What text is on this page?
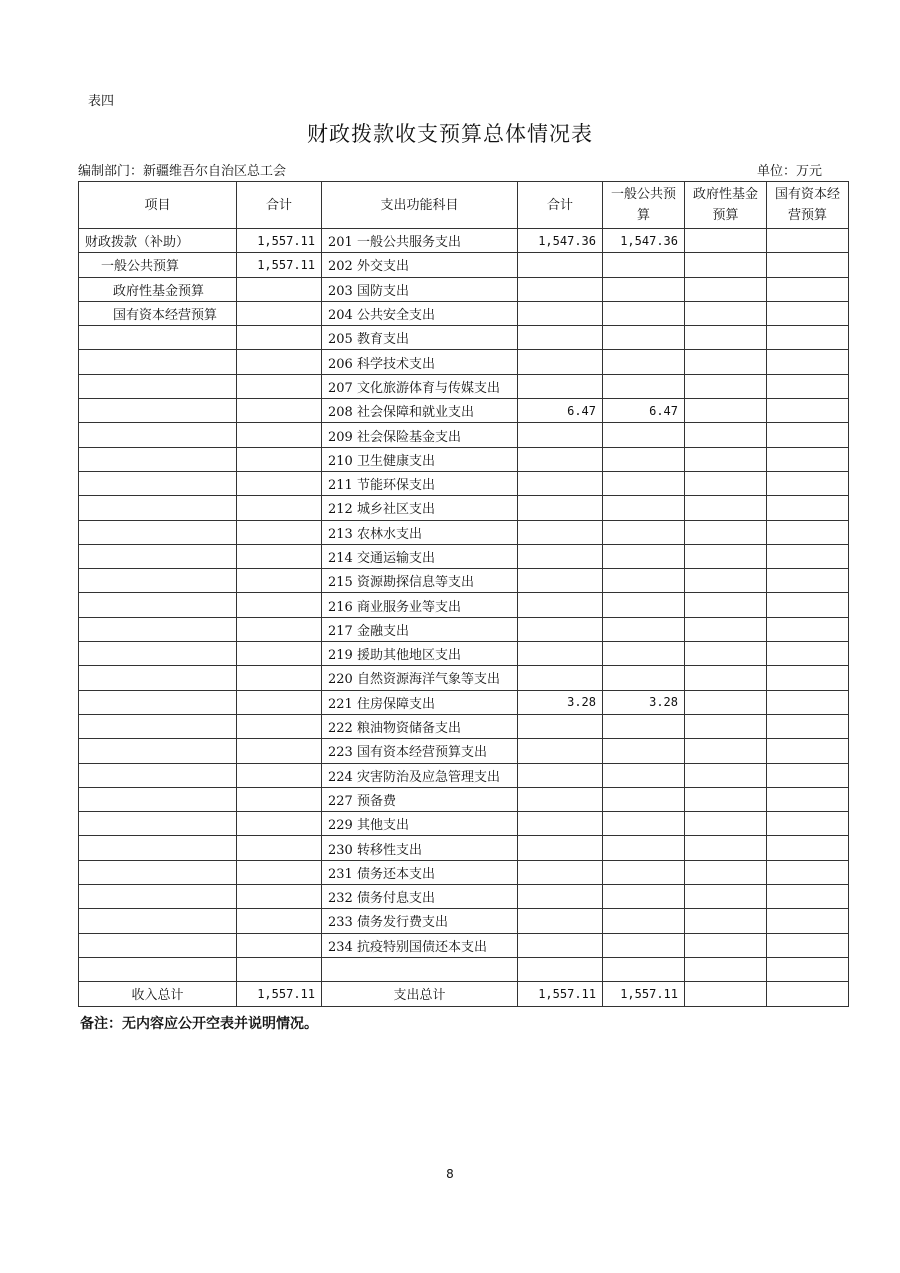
表四
财政拨款收支预算总体情况表
编制部门：新疆维吾尔自治区总工会	单位：万元
项目	合计	支出功能科目	合计	一般公共预算	政府性基金预算	国有资本经营预算
财政拨款（补助）	1,557.11	201 一般公共服务支出	1,547.36	1,547.36		
一般公共预算	1,557.11	202 外交支出				
政府性基金预算		203 国防支出				
国有资本经营预算		204 公共安全支出				
		205 教育支出				
		206 科学技术支出				
		207 文化旅游体育与传媒支出				
		208 社会保障和就业支出	6.47	6.47		
		209 社会保险基金支出				
		210 卫生健康支出				
		211 节能环保支出				
		212 城乡社区支出				
		213 农林水支出				
		214 交通运输支出				
		215 资源勘探信息等支出				
		216 商业服务业等支出				
		217 金融支出				
		219 援助其他地区支出				
		220 自然资源海洋气象等支出				
		221 住房保障支出	3.28	3.28		
		222 粮油物资储备支出				
		223 国有资本经营预算支出				
		224 灾害防治及应急管理支出				
		227 预备费				
		229 其他支出				
		230 转移性支出				
		231 债务还本支出				
		232 债务付息支出				
		233 债务发行费支出				
		234 抗疫特别国债还本支出				

收入总计	1,557.11	支出总计	1,557.11	1,557.11		
备注：无内容应公开空表并说明情况。
8
